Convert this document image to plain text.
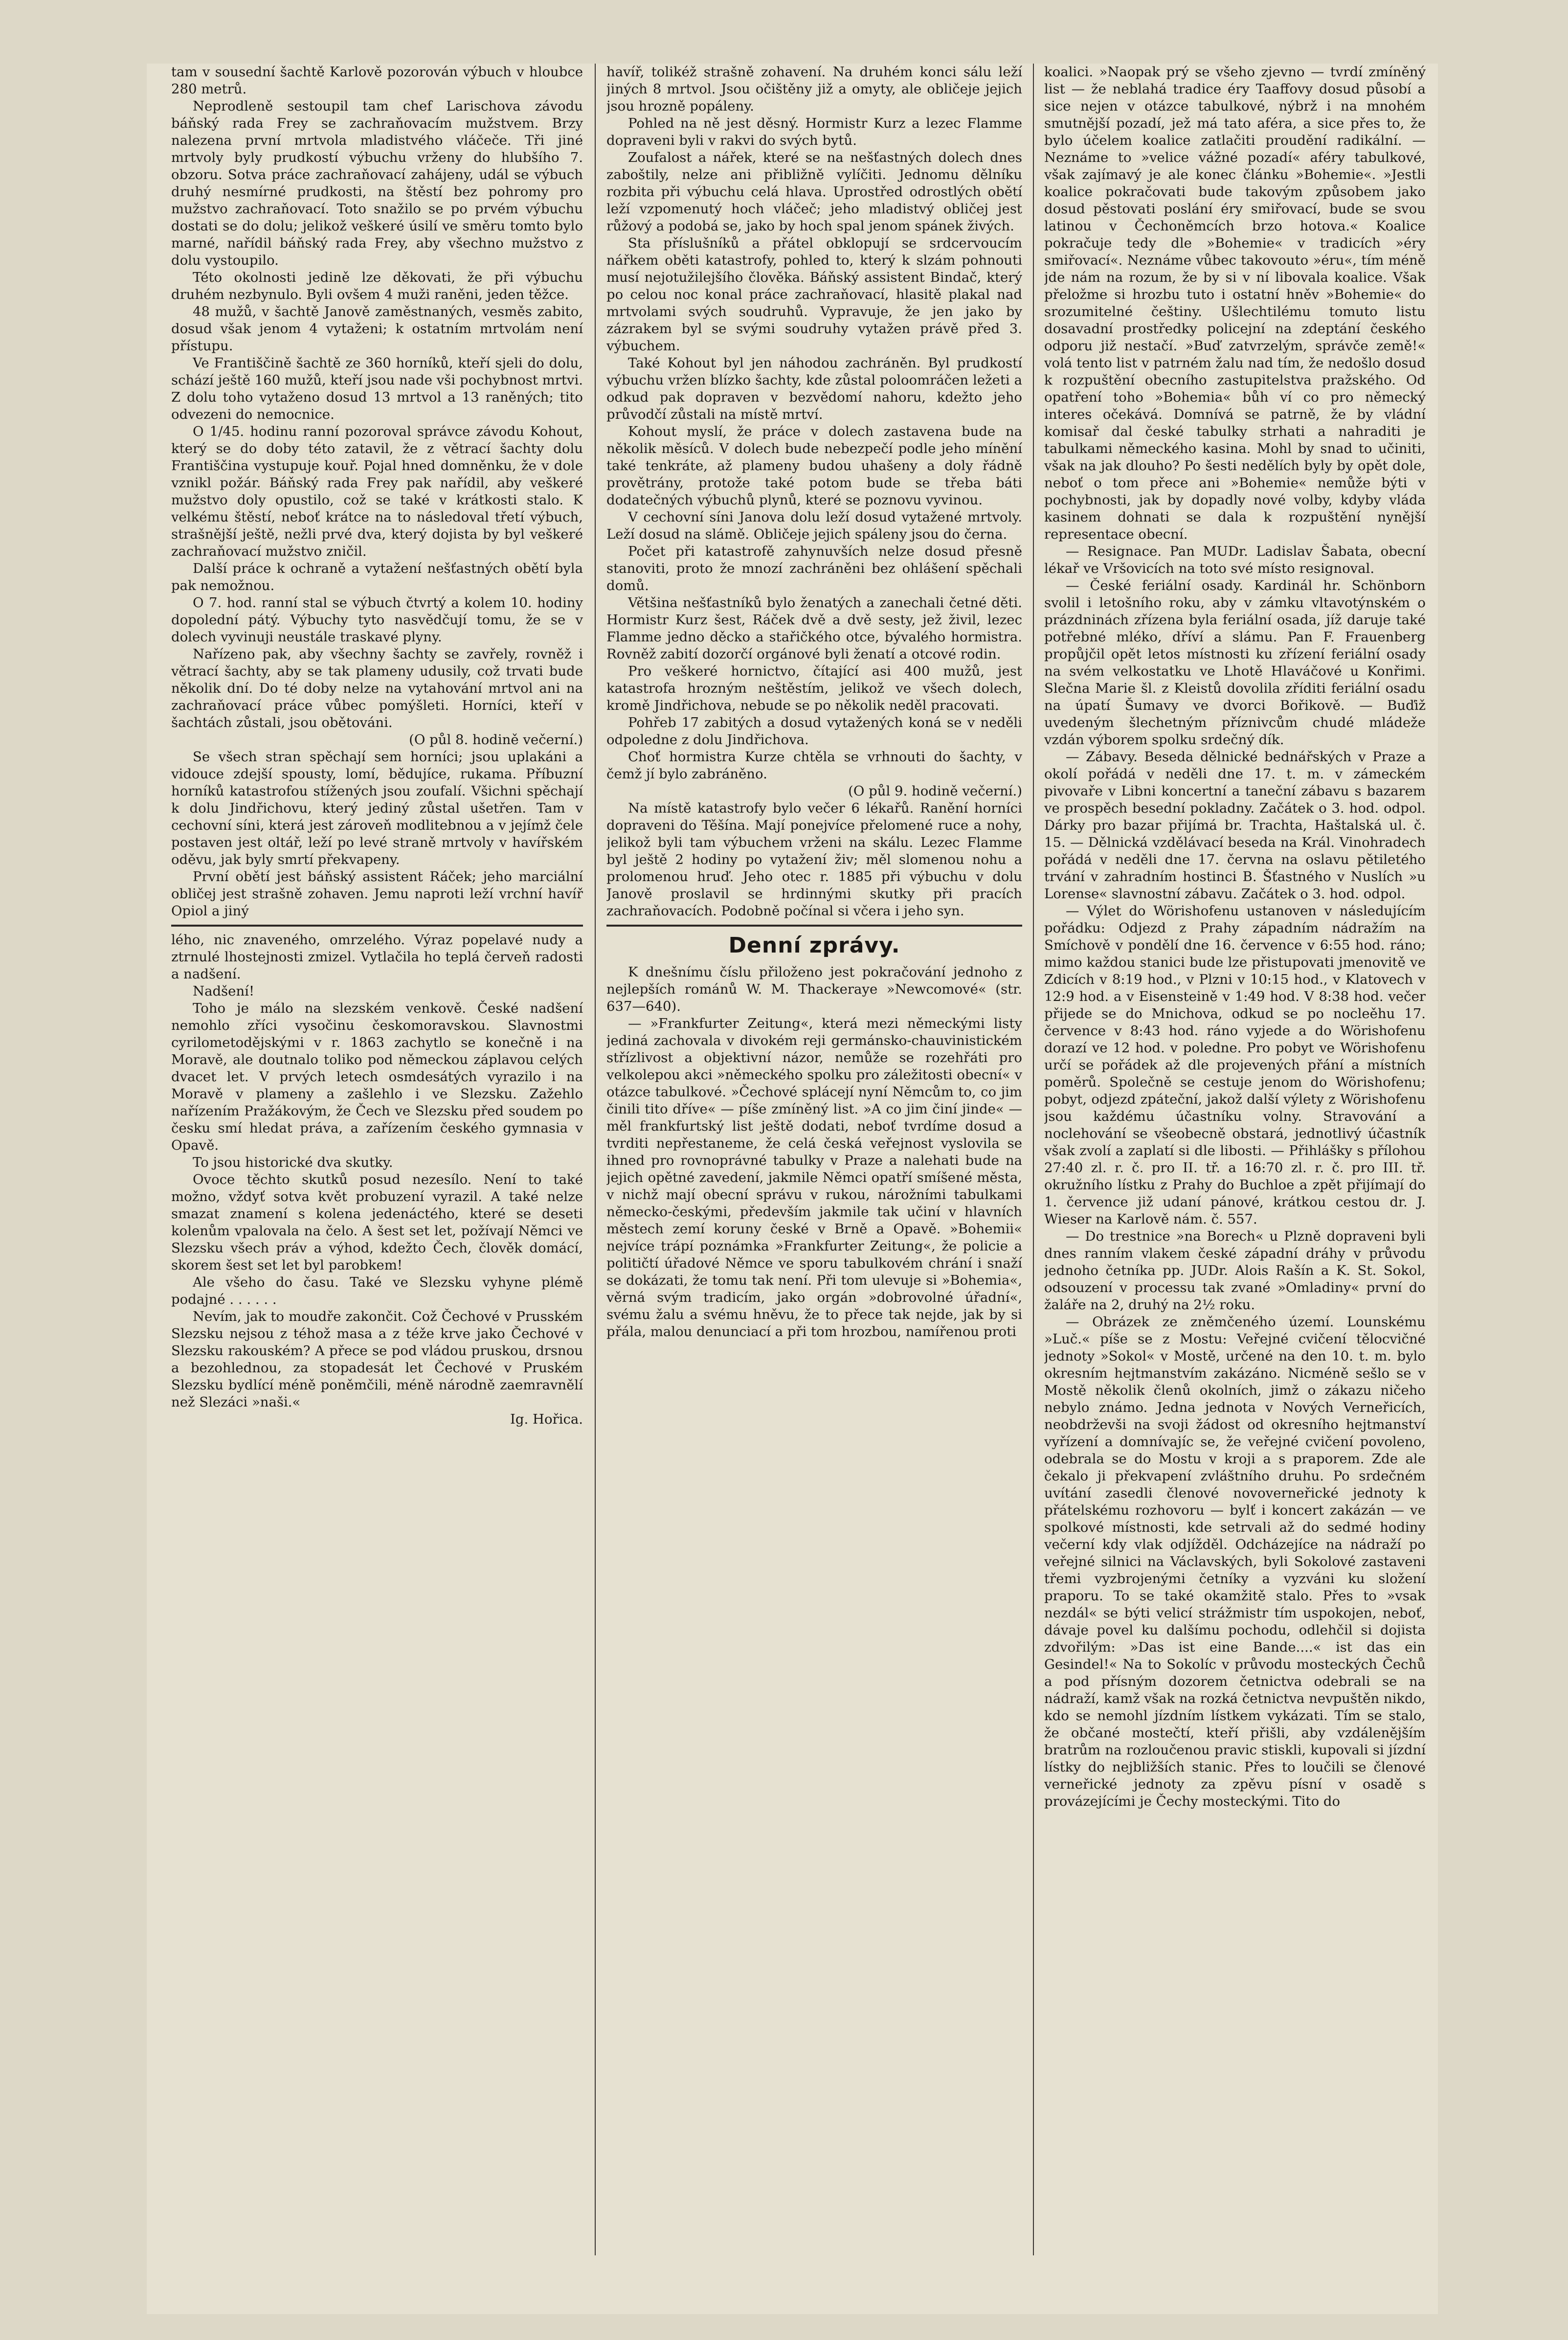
tam v sousední šachtě Karlově pozorován výbuch v hloubce 280 metrů.

Neprodleně sestoupil tam chef Larischova závodu báňský rada Frey se zachraňovacím mužstvem. Brzy nalezena první mrtvola mladistvého vláčeče. Tři jiné mrtvoly byly prudkostí výbuchu vrženy do hlubšího 7. obzoru. Sotva práce zachraňovací zahájeny, udál se výbuch druhý nesmírné prudkosti, na štěstí bez pohromy pro mužstvo zachraňovací. Toto snažilo se po prvém výbuchu dostati se do dolu; jelikož veškeré úsilí ve směru tomto bylo marné, nařídil báňský rada Frey, aby všechno mužstvo z dolu vystoupilo.

Této okolnosti jedině lze děkovati, že při výbuchu druhém nezbynulo. Byli ovšem 4 muži raněni, jeden těžce.

48 mužů, v šachtě Janově zaměstnaných, vesměs zabito, dosud však jenom 4 vytaženi; k ostatním mrtvolám není přístupu.

Ve Františčině šachtě ze 360 horníků, kteří sjeli do dolu, schází ještě 160 mužů, kteří jsou nade vši pochybnost mrtvi. Z dolu toho vytaženo dosud 13 mrtvol a 13 raněných; tito odvezeni do nemocnice.

O 1/45. hodinu ranní pozoroval správce závodu Kohout, který se do doby této zatavil, že z větrací šachty dolu Františčina vystupuje kouř. Pojal hned domněnku, že v dole vznikl požár. Báňský rada Frey pak nařídil, aby veškeré mužstvo doly opustilo, což se také v krátkosti stalo. K velkému štěstí, neboť krátce na to následoval třetí výbuch, strašnější ještě, nežli prvé dva, který dojista by byl veškeré zachraňovací mužstvo zničil.

Další práce k ochraně a vytažení nešťastných obětí byla pak nemožnou.

O 7. hod. ranní stal se výbuch čtvrtý a kolem 10. hodiny dopolední pátý. Výbuchy tyto nasvědčují tomu, že se v dolech vyvinuji neustále traskavé plyny.

Nařízeno pak, aby všechny šachty se zavřely, rovněž i větrací šachty, aby se tak plameny udusily, což trvati bude několik dní. Do té doby nelze na vytahování mrtvol ani na zachraňovací práce vůbec pomýšleti. Horníci, kteří v šachtách zůstali, jsou obětováni.

(O půl 8. hodině večerní.)

Se všech stran spěchají sem horníci; jsou uplakáni a vidouce zdejší spousty, lomí, bědujíce, rukama. Příbuzní horníků katastrofou stížených jsou zoufalí. Všichni spěchají k dolu Jindřichovu, který jediný zůstal ušetřen. Tam v cechovní síni, která jest zároveň modlitebnou a v jejímž čele postaven jest oltář, leží po levé straně mrtvoly v havířském oděvu, jak byly smrtí překvapeny.

První obětí jest báňský assistent Ráček; jeho marciální obličej jest strašně zohaven. Jemu naproti leží vrchní havíř Opiol a jiný

lého, nic znaveného, omrzelého. Výraz popelavé nudy a ztrnulé lhostejnosti zmizel. Vytlačila ho teplá červeň radosti a nadšení.

Nadšení!

Toho je málo na slezském venkově. České nadšení nemohlo zříci vysočinu českomoravskou. Slavnostmi cyrilometodějskými v r. 1863 zachytlo se konečně i na Moravě, ale doutnalo toliko pod německou záplavou celých dvacet let. V prvých letech osmdesátých vyrazilo i na Moravě v plameny a zašlehlo i ve Slezsku. Zažehlo nařízením Pražákovým, že Čech ve Slezsku před soudem po česku smí hledat práva, a zařízením českého gymnasia v Opavě.

To jsou historické dva skutky.

Ovoce těchto skutků posud nezesílo. Není to také možno, vždyť sotva květ probuzení vyrazil. A také nelze smazat znamení s kolena jedenáctého, které se deseti kolenům vpalovala na čelo. A šest set let, požívají Němci ve Slezsku všech práv a výhod, kdežto Čech, člověk domácí, skorem šest set let byl parobkem!

Ale všeho do času. Také ve Slezsku vyhyne plémě podajné . . . . . .

Nevím, jak to moudře zakončit. Což Čechové v Prusském Slezsku nejsou z téhož masa a z téže krve jako Čechové v Slezsku rakouském? A přece se pod vládou pruskou, drsnou a bezohlednou, za stopadesát let Čechové v Pruském Slezsku bydlící méně poněmčili, méně národně zaemravnělí než Slezáci »naši.«

Ig. Hořica.

havíř, tolikéž strašně zohavení. Na druhém konci sálu leží jiných 8 mrtvol. Jsou očištěny již a omyty, ale obličeje jejich jsou hrozně popáleny.

Pohled na ně jest děsný. Hormistr Kurz a lezec Flamme dopraveni byli v rakvi do svých bytů.

Zoufalost a nářek, které se na nešťastných dolech dnes zaboštily, nelze ani přibližně vylíčiti. Jednomu dělníku rozbita při výbuchu celá hlava. Upr​ostřed odrostlých obětí leží vzpomenutý hoch vláčeč; jeho mladistvý obličej jest růžový a podobá se, jako by hoch spal jenom spánek živých.

Sta příslušníků a přátel obklopují se srdcervoucím nářkem oběti katastrofy, pohled to, který k slzám pohnouti musí nejotužilejšího člověka. Báňský assistent Bindač, který po celou noc konal práce zachraňovací, hlasitě plakal nad mrtvolami svých soudruhů. Vypravuje, že jen jako by zázrakem byl se svými soudruhy vytažen právě před 3. výbuchem.

Také Kohout byl jen náhodou zachráněn. Byl prudkostí výbuchu vržen blízko šachty, kde zůstal polo​omráčen ležeti a odkud pak dopraven v bezvědomí nahoru, kdežto jeho průvodčí zůstali na místě mrtví.

Kohout myslí, že práce v dolech zastavena bude na několik měsíců. V dolech bude nebezpečí podle jeho mínění také tenkráte, až plameny budou uhašeny a doly řádně provětrány, protože také potom bude se třeba báti dodatečných výbuchů plynů, které se poznovu vyvinou.

V cechovní síni Janova dolu leží dosud vytažené mrtvoly. Leží dosud na slámě. Obličeje jejich spáleny jsou do černa.

Počet při katastrofě zahynuvších nelze dosud přesně stanoviti, proto že mnozí zachráněni bez ohlášení spěchali domů.

Většina nešťastníků bylo ženatých a zanechali četné děti. Hormistr Kurz šest, Ráček dvě a dvě sesty, jež živil, lezec Flamme jedno děcko a stařičkého otce, bývalého hormistra. Rovněž zabití dozorčí orgánové byli ženatí a otcové rodin.

Pro veškeré hornictvo, čítající asi 400 mužů, jest katastrofa hrozným neštěstím, jelikož ve všech dolech, kromě Jindřichova, nebude se po několik neděl pracovati.

Pohřeb 17 zabitých a dosud vytažených koná se v neděli odpoledne z dolu Jindřichova.

Choť hormistra Kurze chtěla se vrhnouti do šachty, v čemž jí bylo zabráněno.

(O půl 9. hodině večerní.)

Na místě katastrofy bylo večer 6 lékařů. Ranění horníci dopraveni do Těšína. Mají ponejvíce přelomené ruce a nohy, jelikož byli tam výbuchem vrženi na skálu. Lezec Flamme byl ještě 2 hodiny po vytažení živ; měl slomenou nohu a prolomenou hruď. Jeho otec r. 1885 při výbuchu v dolu Janově proslavil se hrdinnými skutky při pracích zachraňovacích. Podobně počínal si včera i jeho syn.

Denní zprávy.

K dnešnímu číslu přiloženo jest pokračování jednoho z nejlepších románů W. M. Thackeraye »Newcomové« (str. 637—640).

— »Frankfurter Zeitung«, která mezi německými listy jediná zachovala v divokém reji germánsko-chauvinistickém střízlivost a objektivní názor, nemůže se rozehřáti pro velkolepou akci »německého spolku pro záležitosti obecní« v otázce tabulkové. »Čechové splácejí nyní Němcům to, co jim činili tito dříve« — píše zmíněný list. »A co jim činí jinde« — měl frankfurtský list ještě dodati, neboť tvrdíme dosud a tvrditi nepřestaneme, že celá česká veřejnost vyslovila se ihned pro rovnoprávné tabulky v Praze a nalehati bude na jejich opětné zavedení, jakmile Němci opatří smíšené města, v nichž mají obecní správu v rukou, nárožními tabulkami německo-českými, především jakmile tak učiní v hlavních městech zemí koruny české v Brně a Opavě. »Bohemii« nejvíce trápí poznámka »Frankfurter Zeitung«, že policie a političtí úřadové Němce ve sporu tabulkovém chrání i snaží se dokázati, že tomu tak není. Při tom ulevuje si »Bohemia«, věrná svým tradicím, jako orgán »dobrovolné úřadní«, svému žalu a svému hněvu, že to přece tak nejde, jak by si přála, malou denunciací a při tom hrozbou, namířenou proti

koalici. »Naopak prý se všeho zjevno — tvrdí zmíněný list — že neblahá tradice éry Taaffovy dosud působí a sice nejen v otázce tabulkové, nýbrž i na mnohém smutnější pozadí, jež má tato aféra, a sice přes to, že bylo účelem koalice zatlačiti proudění radikální. — Neznáme to »velice vážné pozadí« aféry tabulkové, však zajímavý je ale konec článku »Bohemie«. »Jestli koalice pokračovati bude takovým způsobem jako dosud pěstovati poslání éry smiřovací, bude se svou latinou v Čechoněmcích brzo hotova.« Koalice pokračuje tedy dle »Bohemie« v tradicích »éry smiřovací«. Neznáme vůbec takovouto »éru«, tím méně jde nám na rozum, že by si v ní libovala koalice. Však přeložme si hrozbu tuto i ostatní hněv »Bohemie« do srozumitelné češtiny. Ušlechtilému tomuto listu dosavadní prostředky policejní na zdeptání českého odporu již nestačí. »Buď zatvrzelým, správče země!« volá tento list v patrném žalu nad tím, že nedošlo dosud k rozpuštění obecního zastupitelstva pražského. Od opatření toho »Bohemia« bůh ví co pro německý interes očekává. Domnívá se patrně, že by vládní komisař dal české tabulky strhati a nahraditi je tabulkami německého kasina. Mohl by snad to učiniti, však na jak dlouho? Po šesti nedělích byly by opět dole, neboť o tom přece ani »Bohemie« nemůže býti v pochybnosti, jak by dopadly nové volby, kdyby vláda kasinem dohnati se dala k rozpuštění nynější representace obecní.

— Resignace. Pan MUDr. Ladislav Šabata, obecní lékař ve Vršovicích na toto své místo resignoval.

— České feriální osady. Kardinál hr. Schönborn svolil i letošního roku, aby v zámku vltavotýnském o prázdninách zřízena byla feriální osada, jíž daruje také potřebné mléko, dříví a slámu. Pan F. Frauenberg propůjčil opět letos místnosti ku zřízení feriální osady na svém velkostatku ve Lhotě Hlaváčové u Konřimi. Slečna Marie šl. z Kleistů dovolila zříditi feriální osadu na úpatí Šumavy ve dvorci Bořikově. — Buďiž uvedeným šlechetným příznivcům chudé mládeže vzdán výborem spolku srdečný dík.

— Zábavy. Beseda dělnické bednářských v Praze a okolí pořádá v neděli dne 17. t. m. v zámeckém pivovaře v Libni koncertní a taneční zábavu s bazarem ve prospěch besední pokladny. Začátek o 3. hod. odpol. Dárky pro bazar přijímá br. Trachta, Haštalská ul. č. 15. — Dělnická vzdělávací beseda na Král. Vinohradech pořádá v neděli dne 17. června na oslavu pětiletého trvání v zahradním hostinci B. Šťastného v Nuslích »u Lorense« slavnostní zábavu. Začátek o 3. hod. odpol.

— Výlet do Wörishofenu ustanoven v následujícím pořádku: Odjezd z Prahy západním nádražím na Smíchově v pondělí dne 16. července v 6:55 hod. ráno; mimo každou stanici bude lze přistupovati jmenovitě ve Zdicích v 8:19 hod., v Plzni v 10:15 hod., v Klatovech v 12:9 hod. a v Eisensteině v 1:49 hod. V 8:38 hod. večer přijede se do Mnichova, odkud se po nocleěhu 17. července v 8:43 hod. ráno vyjede a do Wörishofenu dorazí ve 12 hod. v poledne. Pro pobyt ve Wörishofenu určí se pořádek až dle projevených přání a místních poměrů. Společně se cestuje jenom do Wörishofenu; pobyt, odjezd zpáteční, jakož další výlety z Wörishofenu jsou každému účastníku volny. Stravování a noclehování se všeobecně obstará, jednotlivý účastník však zvolí a zaplatí si dle libosti. — Přihlášky s přílohou 27:40 zl. r. č. pro II. tř. a 16:70 zl. r. č. pro III. tř. okružního lístku z Prahy do Buchloe a zpět přijímají do 1. července již udaní pánové, krátkou cestou dr. J. Wieser na Karlově nám. č. 557.

— Do trestnice »na Borech« u Plzně dopraveni byli dnes ranním vlakem české západní dráhy v průvodu jednoho četníka pp. JUDr. Alois Rašín a K. St. Sokol, odsouzení v processu tak zvané »Omladiny« první do žaláře na 2, druhý na 2½ roku.

— Obrázek ze zněmčeného území. Lounskému »Luč.« píše se z Mostu: Veřejné cvičení tělocvičné jednoty »Sokol« v Mostě, určené na den 10. t. m. bylo okresním hejtmanstvím zakázáno. Nicméně sešlo se v Mostě několik členů okolních, jimž o zákazu ničeho nebylo známo. Jedna jednota v Nových Verneřicích, neobdrževši na svoji žádost od okresního hejtmanství vyřízení a domnívajíc se, že veřejné cvičení povoleno, odebrala se do Mostu v kroji a s praporem. Zde ale čekalo ji překvapení zvláštního druhu. Po srdečném uvítání zasedli členové novoverneřické jednoty k přátelskému rozhovoru — bylť i koncert zakázán — ve spolkové místnosti, kde setrvali až do sedmé hodiny večerní kdy vlak odjížděl. Odcházejíce na nádraží po veřejné silnici na Václavských, byli Sokolové zastaveni třemi vyzbrojenými četníky a vyzváni ku složení praporu. To se také okamžitě stalo. Přes to »vsak nezdál« se býti velicí strážmistr tím uspokojen, neboť, dávaje povel ku dalšímu pochodu, odlehčil si dojistа zdvořilým: »Das ist eine Bande....« ist das ein Gesindel!« Na to Sokolíc v průvodu mosteckých Čechů a pod přísným dozorem četnictva odebrali se na nádraží, kamž však na rozká četnictva nevpuštěn nikdo, kdo se nemohl jízdním lístkem vykázati. Tím se stalo, že občané mostečtí, kteří přišli, aby vzdálenějším bratrům na rozloučenou pravic stiskli, kupovali si jízdní lístky do nejbližších stanic. Přes to loučili se členové verneřické jednoty za zpěvu písní v osadě s provázejícími je Čechy mosteckými. Tito do
